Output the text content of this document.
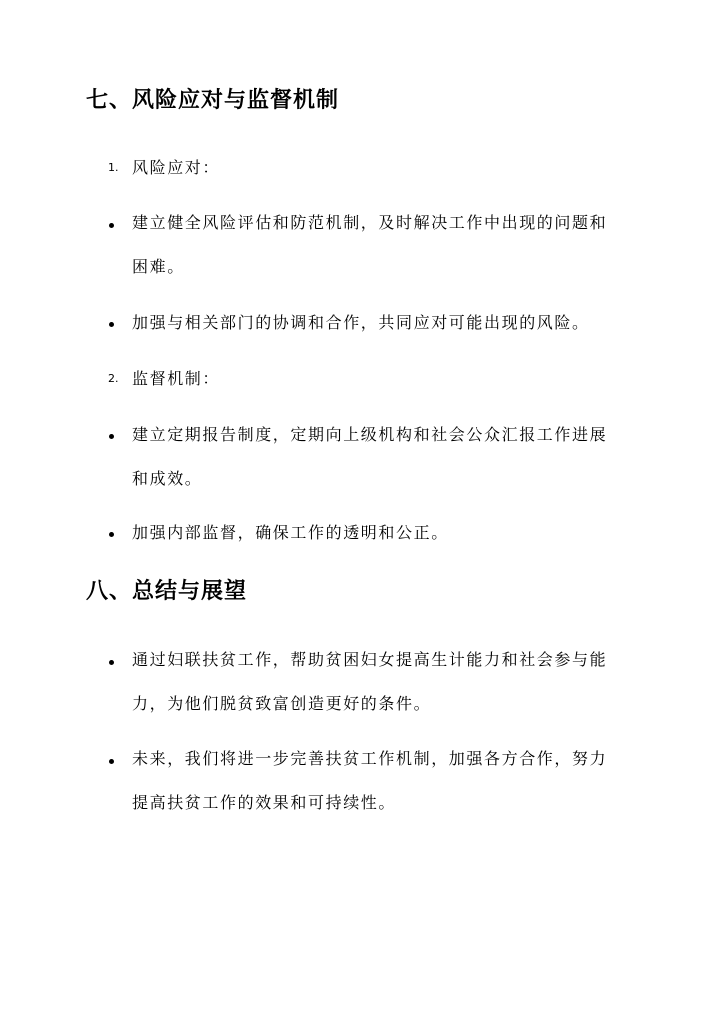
七、风险应对与监督机制
1. 风险应对：
建立健全风险评估和防范机制，及时解决工作中出现的问题和困难。
加强与相关部门的协调和合作，共同应对可能出现的风险。
2. 监督机制：
建立定期报告制度，定期向上级机构和社会公众汇报工作进展和成效。
加强内部监督，确保工作的透明和公正。
八、总结与展望
通过妇联扶贫工作，帮助贫困妇女提高生计能力和社会参与能力，为他们脱贫致富创造更好的条件。
未来，我们将进一步完善扶贫工作机制，加强各方合作，努力提高扶贫工作的效果和可持续性。
